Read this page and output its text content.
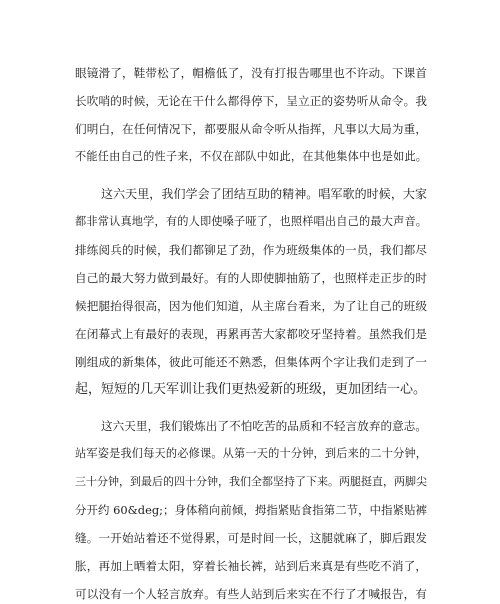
眼镜滑了，鞋带松了，帽檐低了，没有打报告哪里也不许动。下课首
长吹哨的时候，无论在干什么都得停下，呈立正的姿势听从命令。我
们明白，在任何情况下，都要服从命令听从指挥，凡事以大局为重，
不能任由自己的性子来，不仅在部队中如此，在其他集体中也是如此。
这六天里，我们学会了团结互助的精神。唱军歌的时候，大家
都非常认真地学，有的人即使嗓子哑了，也照样唱出自己的最大声音。
排练阅兵的时候，我们都铆足了劲，作为班级集体的一员，我们都尽
自己的最大努力做到最好。有的人即使脚抽筋了，也照样走正步的时
候把腿抬得很高，因为他们知道，从主席台看来，为了让自己的班级
在闭幕式上有最好的表现，再累再苦大家都咬牙坚持着。虽然我们是
刚组成的新集体，彼此可能还不熟悉，但集体两个字让我们走到了一
起，短短的几天军训让我们更热爱新的班级，更加团结一心。
这六天里，我们锻炼出了不怕吃苦的品质和不轻言放弃的意志。
站军姿是我们每天的必修课。从第一天的十分钟，到后来的二十分钟，
三十分钟，到最后的四十分钟，我们全都坚持了下来。两腿挺直，两脚尖
分开约 60&deg;；身体稍向前倾，拇指紧贴食指第二节，中指紧贴裤
缝。一开始站着还不觉得累，可是时间一长，这腿就麻了，脚后跟发
胀，再加上晒着太阳，穿着长袖长裤，站到后来真是有些吃不消了，
可以没有一个人轻言放弃。有些人站到后来实在不行了才喊报告，有
